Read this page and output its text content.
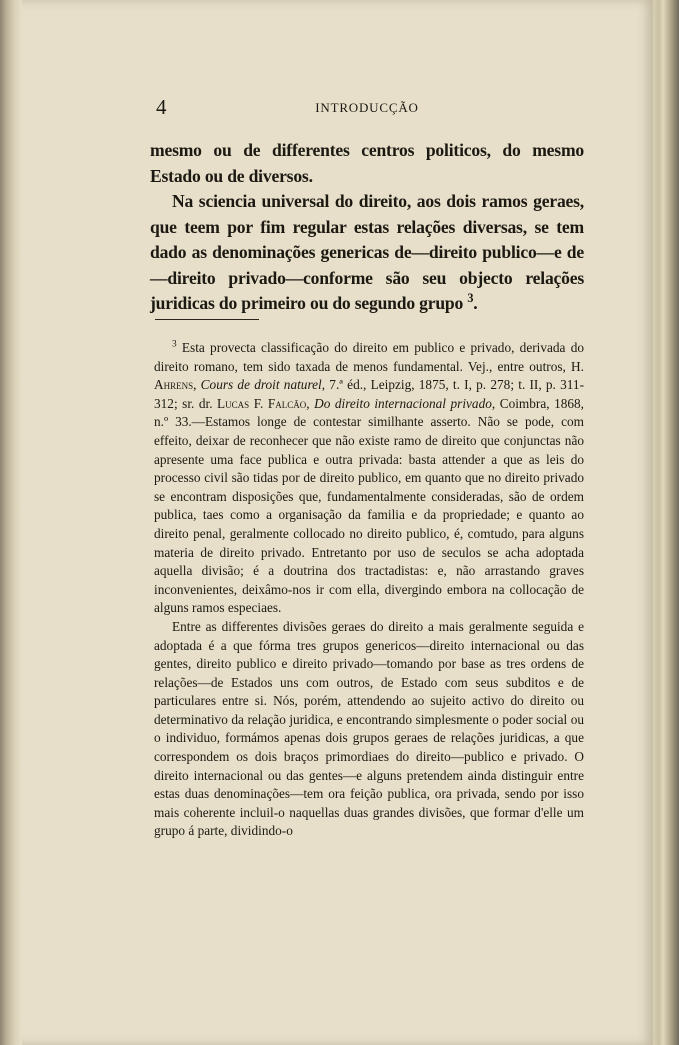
4	INTRODUCÇÃO

mesmo ou de differentes centros politicos, do mesmo Estado ou de diversos.

Na sciencia universal do direito, aos dois ramos geraes, que teem por fim regular estas relações diversas, se tem dado as denominações genericas de—direito publico—e de—direito privado—conforme são seu objecto relações juridicas do primeiro ou do segundo grupo $^3$.

$^3$ Esta provecta classificação do direito em publico e privado, derivada do direito romano, tem sido taxada de menos fundamental. Vej., entre outros, H. Ahrens, Cours de droit naturel, 7.ª éd., Leipzig, 1875, t. I, p. 278; t. II, p. 311-312; sr. dr. Lucas F. Falcão, Do direito internacional privado, Coimbra, 1868, n.º 33.—Estamos longe de contestar similhante asserto. Não se pode, com effeito, deixar de reconhecer que não existe ramo de direito que conjunctas não apresente uma face publica e outra privada: basta attender a que as leis do processo civil são tidas por de direito publico, em quanto que no direito privado se encontram disposições que, fundamentalmente consideradas, são de ordem publica, taes como a organisação da familia e da propriedade; e quanto ao direito penal, geralmente collocado no direito publico, é, comtudo, para alguns materia de direito privado. Entretanto por uso de seculos se acha adoptada aquella divisão; é a doutrina dos tractadistas: e, não arrastando graves inconvenientes, deixâmo-nos ir com ella, divergindo embora na collocação de alguns ramos especiaes.

Entre as differentes divisões geraes do direito a mais geralmente seguida e adoptada é a que fórma tres grupos genericos—direito internacional ou das gentes, direito publico e direito privado—tomando por base as tres ordens de relações—de Estados uns com outros, de Estado com seus subditos e de particulares entre si. Nós, porém, attendendo ao sujeito activo do direito ou determinativo da relação juridica, e encontrando simplesmente o poder social ou o individuo, formámos apenas dois grupos geraes de relações juridicas, a que correspondem os dois braços primordiaes do direito—publico e privado. O direito internacional ou das gentes—e alguns pretendem ainda distinguir entre estas duas denominações—tem ora feição publica, ora privada, sendo por isso mais coherente incluil-o naquellas duas grandes divisões, que formar d'elle um grupo á parte, dividindo-o
